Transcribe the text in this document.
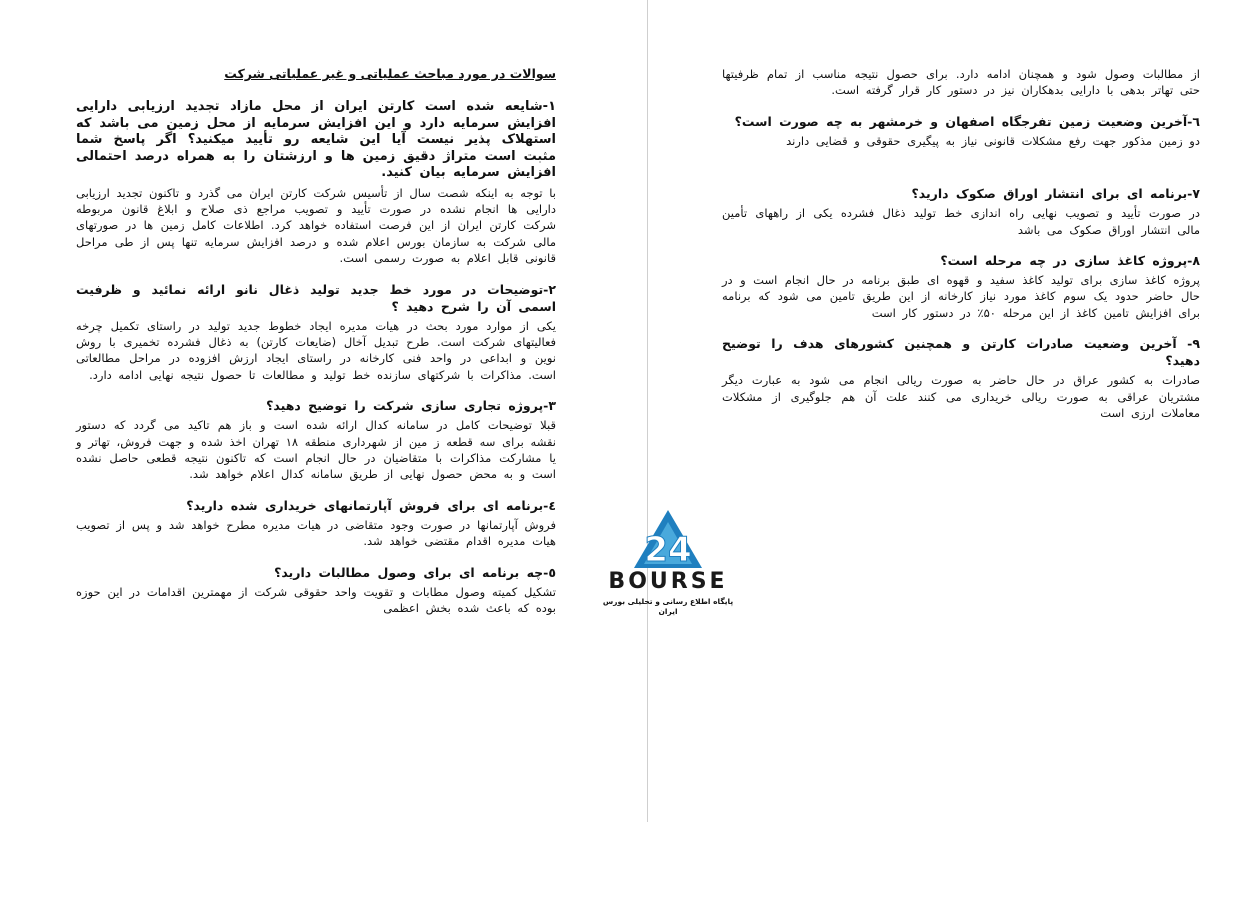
سوالات در مورد مباحث عملیاتی و غیر عملیاتی شرکت
۱-شایعه شده است کارتن ایران از محل مازاد تجدید ارزیابی دارایی افزایش سرمایه دارد و این افزایش سرمایه از محل زمین می باشد که استهلاک پذیر نیست آیا این شایعه رو تأیید میکنید؟ اگر پاسخ شما مثبت است متراژ دقیق زمین ها و ارزشتان را به همراه درصد احتمالی افزایش سرمایه بیان کنید.
با توجه به اینکه شصت سال از تأسیس شرکت کارتن ایران می گذرد و تاکنون تجدید ارزیابی دارایی ها انجام نشده در صورت تأیید و تصویب مراجع ذی صلاح و ابلاغ قانون مربوطه شرکت کارتن ایران از این فرصت استفاده خواهد کرد. اطلاعات کامل زمین ها در صورتهای مالی شرکت به سازمان بورس اعلام شده و درصد افزایش سرمایه تنها پس از طی مراحل قانونی قابل اعلام به صورت رسمی است.
۲-توضیحات در مورد خط جدید تولید ذغال نانو ارائه نمائید و ظرفیت اسمی آن را شرح دهید ؟
یکی از موارد مورد بحث در هیات مدیره ایجاد خطوط جدید تولید در راستای تکمیل چرخه فعالیتهای شرکت است. طرح تبدیل آخال (ضایعات کارتن) به ذغال فشرده تخمیری با روش نوین و ابداعی در واحد فنی کارخانه در راستای ایجاد ارزش افزوده در مراحل مطالعاتی است. مذاکرات با شرکتهای سازنده خط تولید و مطالعات تا حصول نتیجه نهایی ادامه دارد.
۳-پروژه تجاری سازی شرکت را توضیح دهید؟
قبلا توضیحات کامل در سامانه کدال ارائه شده است و باز هم تاکید می گردد که دستور نقشه برای سه قطعه ز مین از شهرداری منطقه ۱۸ تهران اخذ شده و جهت فروش، تهاتر و یا مشارکت مذاکرات با متقاضیان در حال انجام است که تاکنون نتیجه قطعی حاصل نشده است و به محض حصول نهایی از طریق سامانه کدال اعلام خواهد شد.
٤-برنامه ای برای فروش آپارتمانهای خریداری شده دارید؟
فروش آپارتمانها در صورت وجود متقاضی در هیات مدیره مطرح خواهد شد و پس از تصویب هیات مدیره اقدام مقتضی خواهد شد.
٥-چه برنامه ای برای وصول مطالبات دارید؟
تشکیل کمیته وصول مطابات و تقویت واحد حقوقی شرکت از مهمترین اقدامات در این حوزه بوده که باعث شده بخش اعظمی
از مطالبات وصول شود و همچنان ادامه دارد. برای حصول نتیجه مناسب از تمام ظرفیتها حتی تهاتر بدهی با دارایی بدهکاران نیز در دستور کار قرار گرفته است.
٦-آخرین وضعیت زمین تفرجگاه اصفهان و خرمشهر به چه صورت است؟
دو زمین مذکور جهت رفع مشکلات قانونی نیاز به پیگیری حقوقی و قضایی دارند
۷-برنامه ای برای انتشار اوراق صکوک دارید؟
در صورت تأیید و تصویب نهایی راه اندازی خط تولید ذغال فشرده یکی از راههای تأمین مالی انتشار اوراق صکوک می باشد
۸-پروژه کاغذ سازی در چه مرحله است؟
پروژه کاغذ سازی برای تولید کاغذ سفید و قهوه ای طبق برنامه در حال انجام است و در حال حاضر حدود یک سوم کاغذ مورد نیاز کارخانه از این طریق تامین می شود که برنامه برای افزایش تامین کاغذ از این مرحله ۵۰٪ در دستور کار است
۹- آخرین وضعیت صادرات کارتن و همچنین کشورهای هدف را توضیح دهید؟
صادرات به کشور عراق در حال حاضر به صورت ریالی انجام می شود به عبارت دیگر مشتریان عراقی به صورت ریالی خریداری می کنند علت آن هم جلوگیری از مشکلات معاملات ارزی است
24
BOURSE
پایگاه اطلاع رسانی و تحلیلی بورس ایران
